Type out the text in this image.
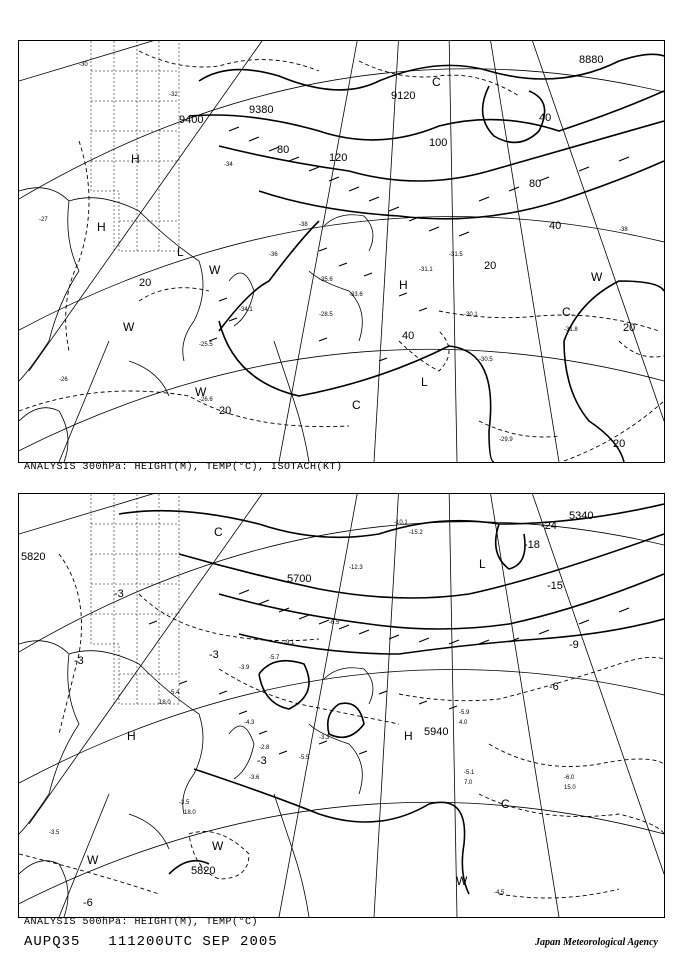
-30
-32
-34
-38
-36
-35.6
-33.6
-34.1
-25.5
-28.5	-30.1
-30.5
-31.8
-29.9
-27
-26
-26.6
-31.5
-31.1
-38
9400
9380
9120
8880
80
120
100
40
40
80
40
20
20
20
20
20
H
H
H
L
L
C
C
C
W
W
W
W
ANALYSIS 300hPa: HEIGHT(M), TEMP(°C), ISOTACH(KT)
-10.1
-15.2
-12.3
-6.5
-9.1
-5.7
-3.9
-5.4
18.0
-4.3
-2.8
-3.3
-5.5
-5.9
4.0
-5.1
7.0
-6.0
15.0
-4.5
-3.5
18.0
-3.5
-3.6
5820
5820
5700
5340
5940
-3
-3	-3
-3
-6
-6
-9
-24
-18
-15
H	H
L
C
C
W
W
W
ANALYSIS 500hPa: HEIGHT(M), TEMP(°C)
AUPQ35 111200UTC SEP 2005	Japan Meteorological Agency
